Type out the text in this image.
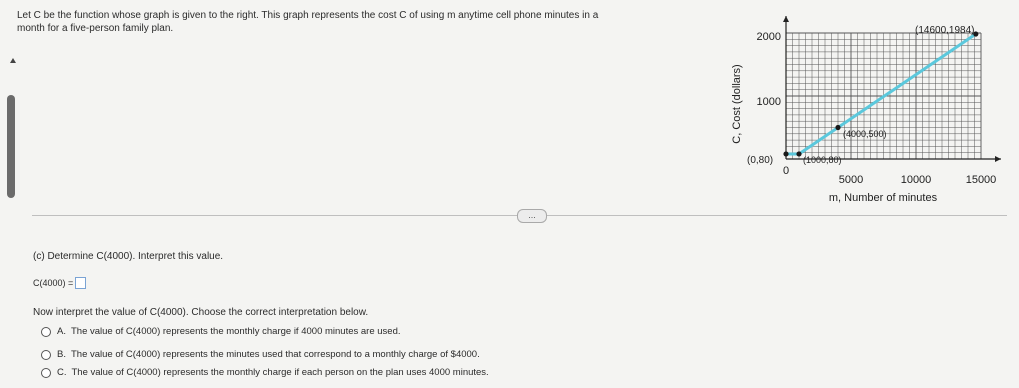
Let C be the function whose graph is given to the right. This graph represents the cost C of using m anytime cell phone minutes in a
month for a five-person family plan.
2000
1000
0
5000	10000	15000
m, Number of minutes
C, Cost (dollars)
(0,80)	(1000,80)
(4000,500)
(14600,1984)
...
(c) Determine C(4000). Interpret this value.
C(4000) =
Now interpret the value of C(4000). Choose the correct interpretation below.
A. The value of C(4000) represents the monthly charge if 4000 minutes are used.
B. The value of C(4000) represents the minutes used that correspond to a monthly charge of $4000.
C. The value of C(4000) represents the monthly charge if each person on the plan uses 4000 minutes.
